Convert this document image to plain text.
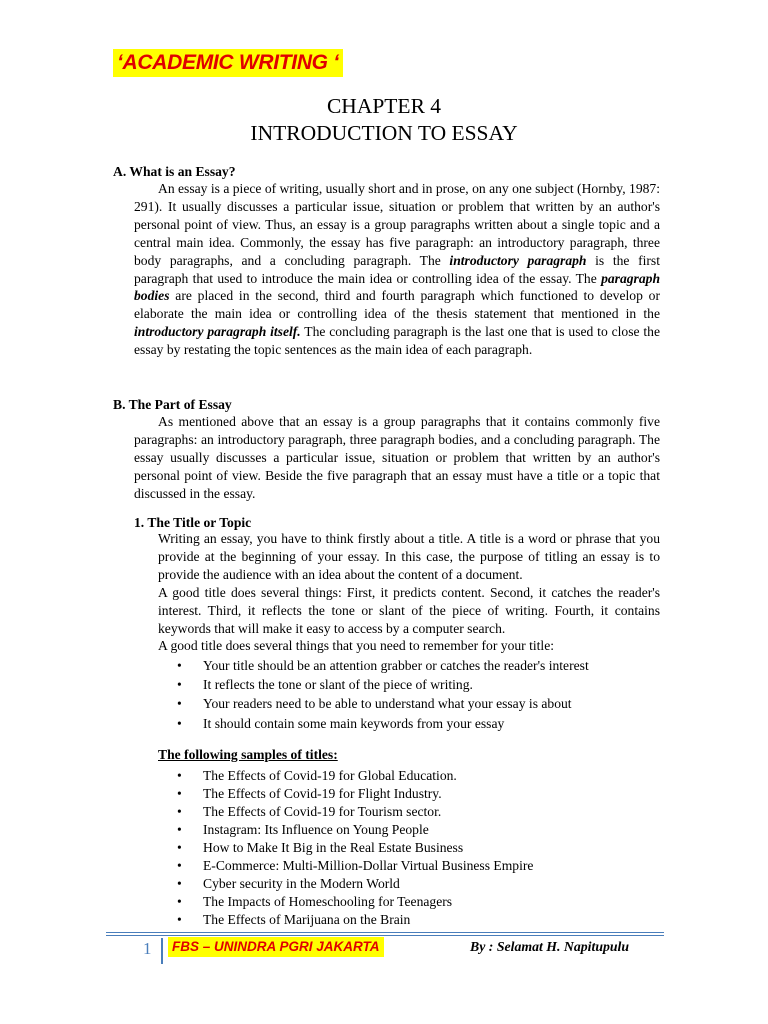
‘ACADEMIC WRITING ‘
CHAPTER 4
INTRODUCTION TO ESSAY
A. What is an Essay?

An essay is a piece of writing, usually short and in prose, on any one subject (Hornby, 1987: 291). It usually discusses a particular issue, situation or problem that written by an author's personal point of view. Thus, an essay is a group paragraphs written about a single topic and a central main idea. Commonly, the essay has five paragraph: an introductory paragraph, three body paragraphs, and a concluding paragraph. The introductory paragraph is the first paragraph that used to introduce the main idea or controlling idea of the essay. The paragraph bodies are placed in the second, third and fourth paragraph which functioned to develop or elaborate the main idea or controlling idea of the thesis statement that mentioned in the introductory paragraph itself. The concluding paragraph is the last one that is used to close the essay by restating the topic sentences as the main idea of each paragraph.

B. The Part of Essay

As mentioned above that an essay is a group paragraphs that it contains commonly five paragraphs: an introductory paragraph, three paragraph bodies, and a concluding paragraph. The essay usually discusses a particular issue, situation or problem that written by an author's personal point of view. Beside the five paragraph that an essay must have a title or a topic that discussed in the essay.

1. The Title or Topic

Writing an essay, you have to think firstly about a title. A title is a word or phrase that you provide at the beginning of your essay. In this case, the purpose of titling an essay is to provide the audience with an idea about the content of a document.

A good title does several things: First, it predicts content. Second, it catches the reader's interest. Third, it reflects the tone or slant of the piece of writing. Fourth, it contains keywords that will make it easy to access by a computer search.

A good title does several things that you need to remember for your title:

• Your title should be an attention grabber or catches the reader's interest
• It reflects the tone or slant of the piece of writing.
• Your readers need to be able to understand what your essay is about
• It should contain some main keywords from your essay
The following samples of titles:
• The Effects of Covid-19 for Global Education.
• The Effects of Covid-19 for Flight Industry.
• The Effects of Covid-19 for Tourism sector.
• Instagram: Its Influence on Young People
• How to Make It Big in the Real Estate Business
• E-Commerce: Multi-Million-Dollar Virtual Business Empire
• Cyber security in the Modern World
• The Impacts of Homeschooling for Teenagers
• The Effects of Marijuana on the Brain
1 FBS – UNINDRA PGRI JAKARTA	By : Selamat H. Napitupulu
